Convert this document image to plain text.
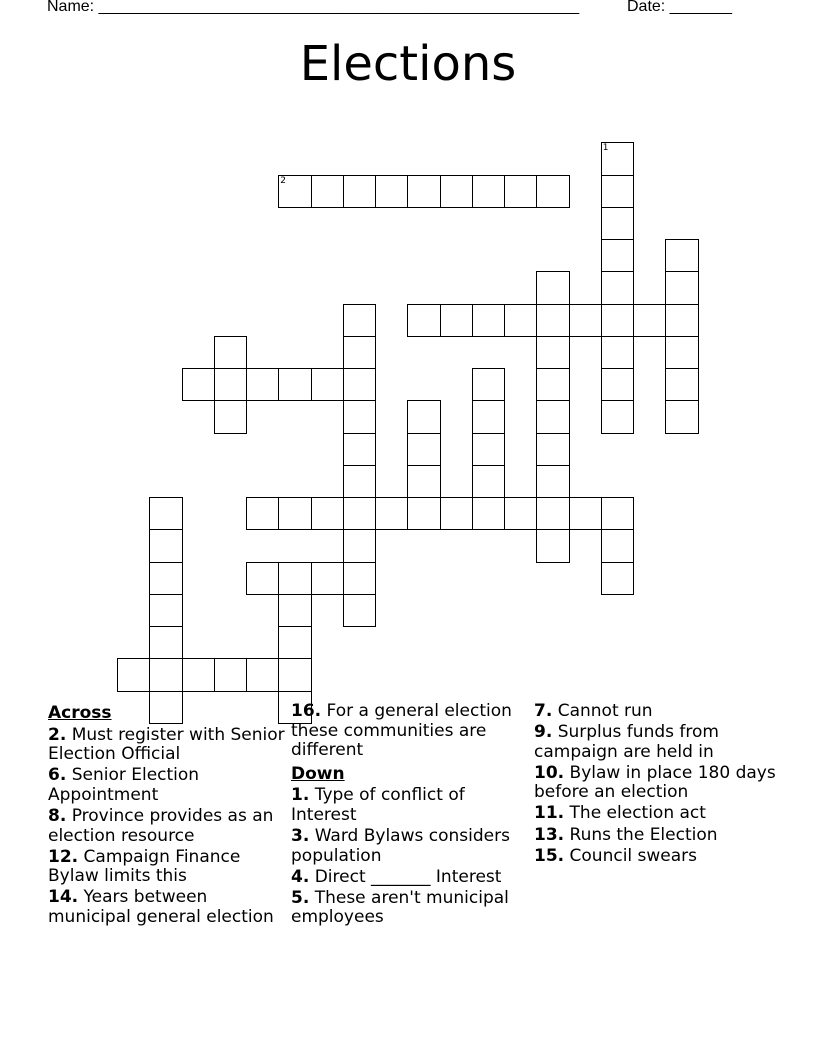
Name: ______________________________________________________	Date: _______
Elections
2
1
Across
2. Must register with Senior Election Official
6. Senior Election Appointment
8. Province provides as an election resource
12. Campaign Finance Bylaw limits this
14. Years between municipal general election
16. For a general election these communities are different
Down
1. Type of conflict of Interest
3. Ward Bylaws considers population
4. Direct _______ Interest
5. These aren't municipal employees
7. Cannot run
9. Surplus funds from campaign are held in
10. Bylaw in place 180 days before an election
11. The election act
13. Runs the Election
15. Council swears
